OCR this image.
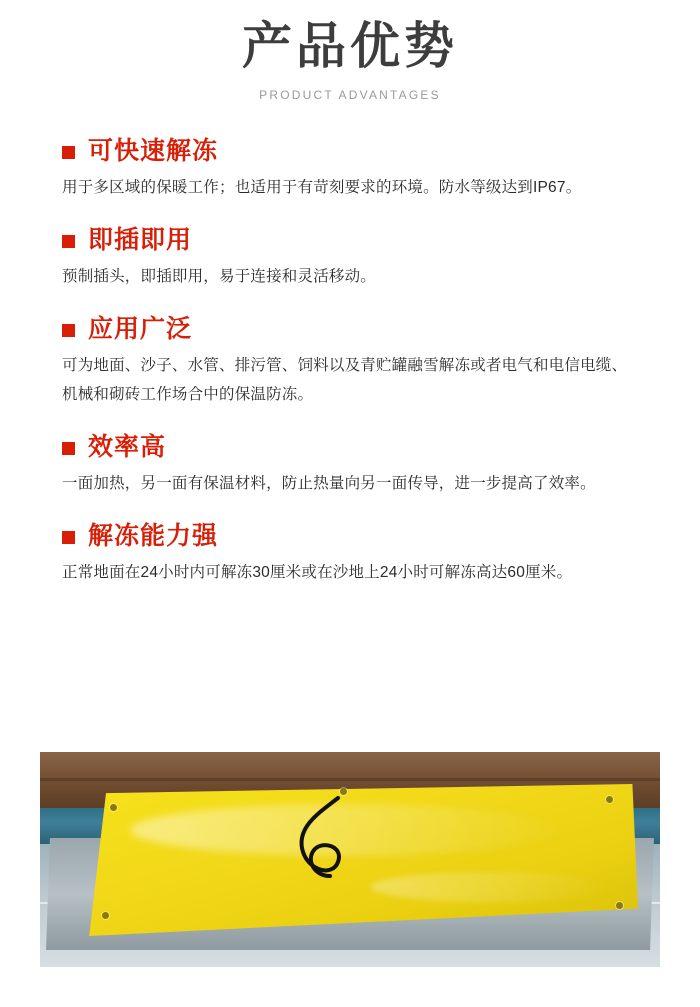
产品优势
PRODUCT ADVANTAGES
可快速解冻
用于多区域的保暖工作；也适用于有苛刻要求的环境。防水等级达到IP67。
即插即用
预制插头，即插即用，易于连接和灵活移动。
应用广泛
可为地面、沙子、水管、排污管、饲料以及青贮罐融雪解冻或者电气和电信电缆、机械和砌砖工作场合中的保温防冻。
效率高
一面加热，另一面有保温材料，防止热量向另一面传导，进一步提高了效率。
解冻能力强
正常地面在24小时内可解冻30厘米或在沙地上24小时可解冻高达60厘米。
